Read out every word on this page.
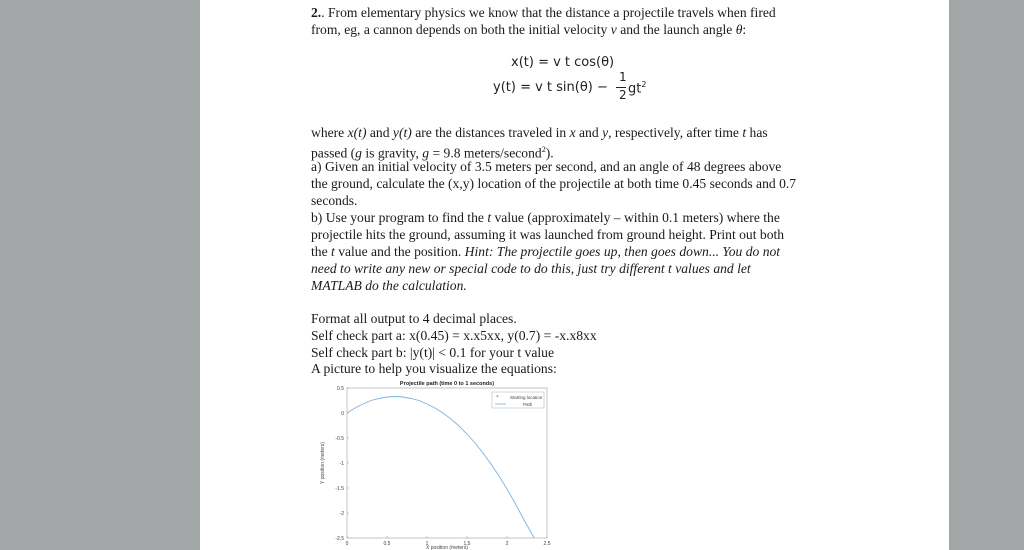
2.. From elementary physics we know that the distance a projectile travels when fired
from, eg, a cannon depends on both the initial velocity v and the launch angle θ:
x(t) = v t cos(θ)
1
2
y(t) = v t $\sin(\theta) - gt^2$
where x(t) and y(t) are the distances traveled in x and y, respectively, after time t has
passed (g is gravity, g = 9.8 meters/second$^2$).
a) Given an initial velocity of 3.5 meters per second, and an angle of 48 degrees above
the ground, calculate the (x,y) location of the projectile at both time 0.45 seconds and 0.7
seconds.
b) Use your program to find the t value (approximately – within 0.1 meters) where the
projectile hits the ground, assuming it was launched from ground height. Print out both
the t value and the position. Hint: The projectile goes up, then goes down... You do not
need to write any new or special code to do this, just try different t values and let
MATLAB do the calculation.
Format all output to 4 decimal places.
Self check part a: x(0.45) = x.x5xx, y(0.7) = -x.x8xx
Self check part b: |y(t)| < 0.1 for your t value
A picture to help you visualize the equations:
Projectile path (time 0 to 1 seconds)
0.5
0
-0.5
-1
-1.5
-2
-2.5
0	0.5	1	1.5	2	2.5
X position (meters)
Y position (meters)
*	Starting location
Path
